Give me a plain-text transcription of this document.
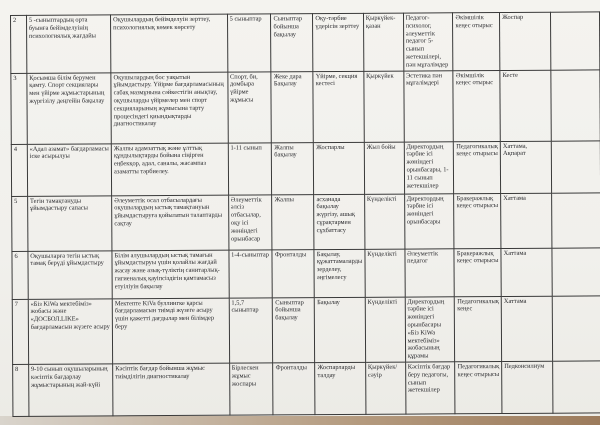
2	5 -сыныптардың орта буынға бейімделуінің психологиялық жағдайы	Оқушылардың бейімделуін зерттеу, психологиялық көмек көрсету	5 сыныптар	Сыныптар бойынша бақылау	Оқу-тәрбие үдерісін зерттеу	Қыркүйек-қазан	Педагог-психолог, әлеуметтік педагог 5-сынып жетекшілері, пән мұғалімдер	Әкімшілік кеңес отырыс	Жоспар	
3	Қосымша білім берумен қамту. Спорт секциялары мен үйірме жұмыстарының жүргізілу деңгейін бақылау	Оқушылардың бос уақытын ұйымдастыру. Үйірме бағдарламасының сабақ мазмұнына сәйкестігін анықтау, оқушыларды үйірмелер мен спорт секцияларының жұмысына тарту процесіндегі қиындықтарды диагностикалау	Спорт, би, домбыра үйірме жұмысы	Жеке дара Бақылау	Үйірме, секция кестесі	Қыркүйек	Эстетика пән мұғалімдері	Әкімшілік кеңес отырыс	Кесте	
4	«Адал азамат» бағдарламасы іске асырылуы	Жалпы адамзаттық және ұлттық құндылықтарды бойына сіңірген еңбекқор, адал, саналы, жасампаз азаматты тәрбиелеу.	1-11 сынып	Жалпы бақылау	Жоспарлы	Жыл бойы	Директордың тәрбие ісі жөніндегі орынбасары, 1-11 сынып жетекшілер	Педагогикалық кеңес отырысы	Хаттама, Ақпарат	
5	Тегін тамақтануды ұйымдастыру сапасы	Әлеуметтік осал отбасылардағы оқушылардың ыстық тамақтануын ұйымдастыруға қойылатын талаптарды сақтау	Әлеуметтік әлсіз отбасылар, оқу ісі жөніндегі орынбасар	Жалпы	асханада бақылау жүргізу, ашық сұрақтармен сұхбаттасу	Күнделікті	Директордың тәрбие ісі жөніндегі орынбасары	Бракеражлық кеңес отырысы	Хаттама	
6	Оқушыларға тегін ыстық тамақ берүді ұйымдастыру	Білім алушылардың ыстық тамағын ұйымдастыруы үшін қолайлы жағдай жасау және азық-түліктің санитарлық- гигиеналық қауіпсіздігін қамтамасыз етуіліуін бақылау	1-4-сыныптар	Фронталды	Бақылау, құжаттамаларды зерделеу, әңгімелесу	Күнделікті	Әлеуметтік педагог	Бракеражлық кеңес отырысы	Хаттама	
7	«Біз KiWa мектебіміз» жобасы және «ДОСБОЛ.LIKE» бағдарламасын жүзеге асыру	Мектепте KiVa буллингке қарсы бағдарламасын тиімді жүзеге асыру үшін қажетті дағдылар мен білімдер беру	1,5,7 сыныптар	Сыныптар бойынша бақылау	Бақылау	Күнделікті	Директордың тәрбие ісі жөніндегі орынбасары «Біз KiWa мектебіміз» жобасының құрамы	Педагогикалық кеңес	Хаттама	
8	9-10 сынып оқушыларының кәсіптік бағдарлау жұмыстарының жай-күйі	Кәсіптік бағдар бойынша жұмыс тиімділігін диагностикалау	Бірлескен жұмыс жоспары	Фронталды	Жоспарларды талдау	Қыркүйек/ сәуір	Кәсіптік бағдар беру педагогы, сынып жетекшілер	Педагогикалық кеңес отырысы	Педконсилиум	
